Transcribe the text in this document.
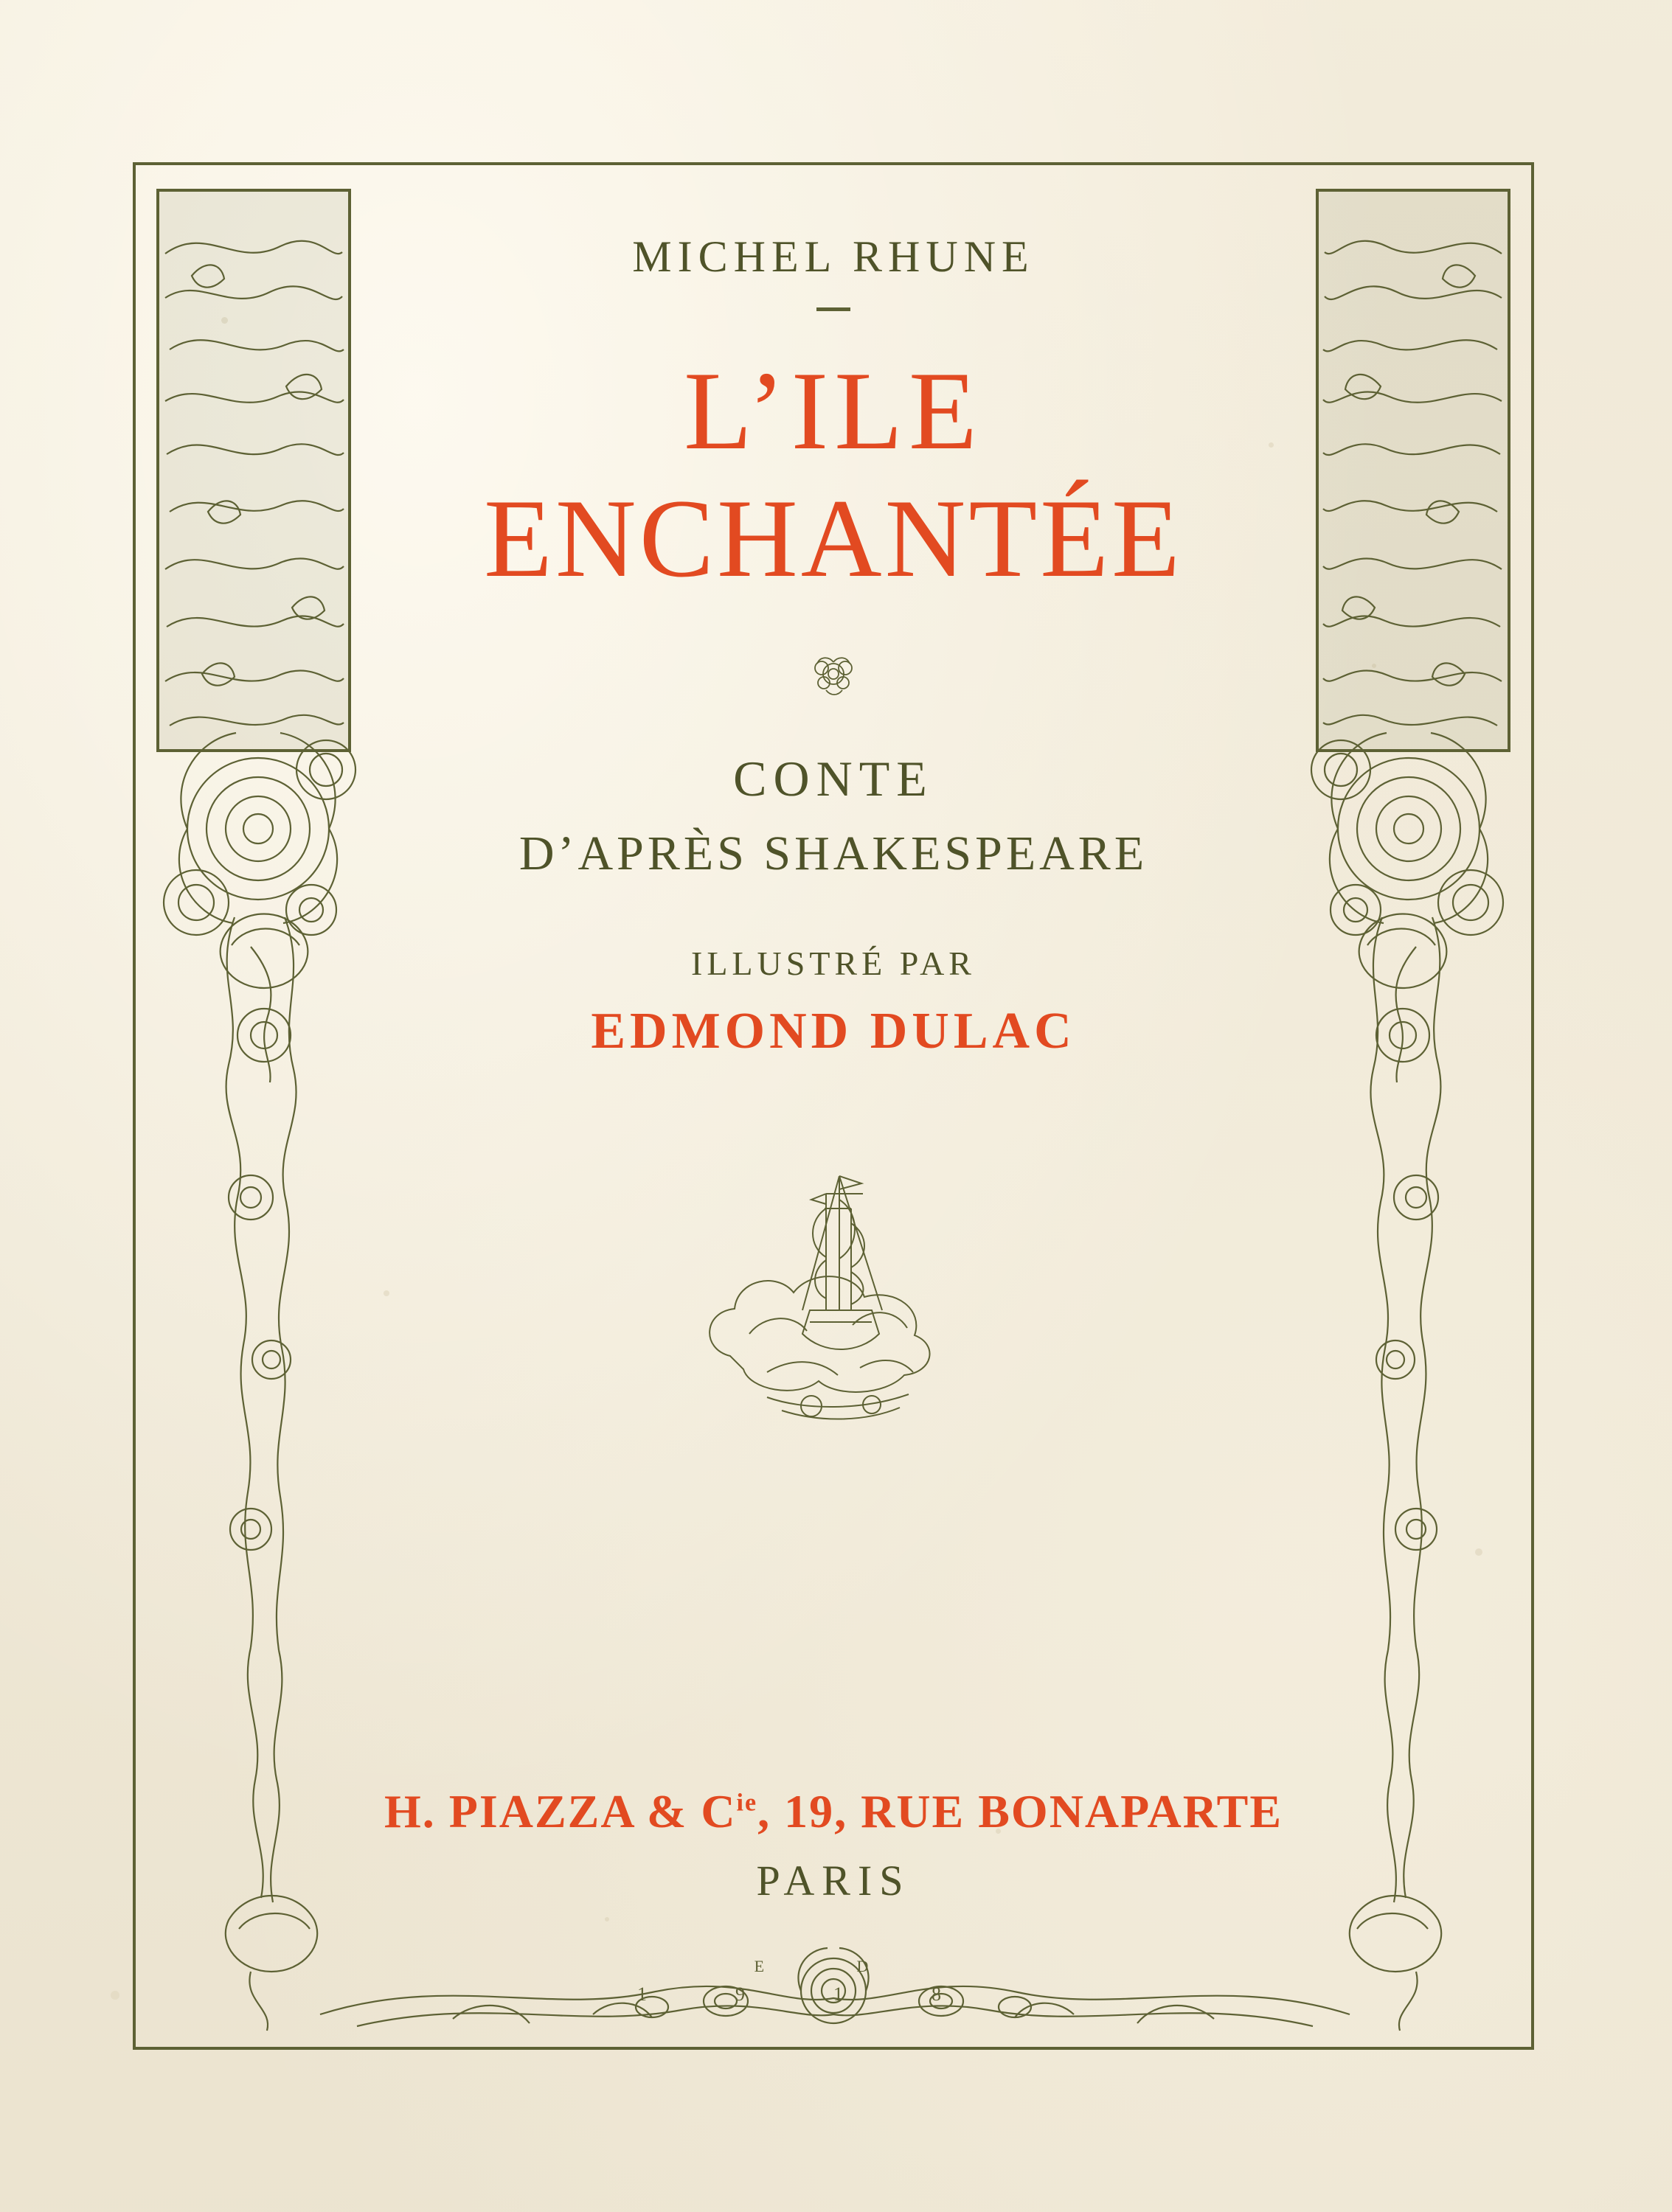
MICHEL RHUNE
L’ILE
ENCHANTÉE
CONTE
D’APRÈS SHAKESPEARE
ILLUSTRÉ PAR
EDMOND DULAC
H. PIAZZA & $C^{ie}$, 19, RUE BONAPARTE
PARIS
E D
1918
